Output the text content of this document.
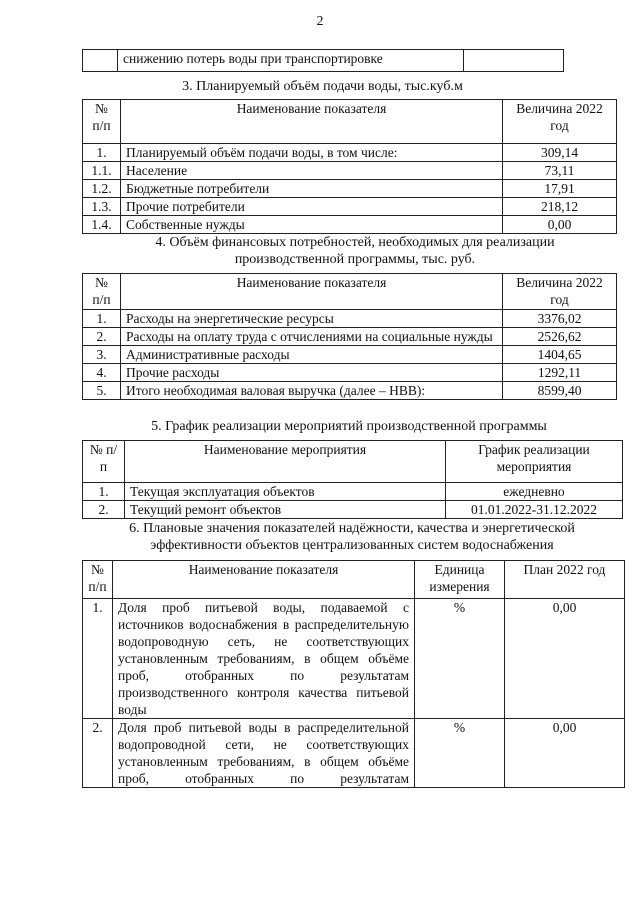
2
	снижению потерь воды при транспортировке	
3. Планируемый объём подачи воды, тыс.куб.м
№ п/п	Наименование показателя	Величина 2022 год
1.	Планируемый объём подачи воды, в том числе:	309,14
1.1.	Население	73,11
1.2.	Бюджетные потребители	17,91
1.3.	Прочие потребители	218,12
1.4.	Собственные нужды	0,00
4. Объём финансовых потребностей, необходимых для реализации производственной программы, тыс. руб.
№ п/п	Наименование показателя	Величина 2022 год
1.	Расходы на энергетические ресурсы	3376,02
2.	Расходы на оплату труда с отчислениями на социальные нужды	2526,62
3.	Административные расходы	1404,65
4.	Прочие расходы	1292,11
5.	Итого необходимая валовая выручка (далее – НВВ):	8599,40
5. График реализации мероприятий производственной программы
№ п/п	Наименование мероприятия	График реализации мероприятия
1.	Текущая эксплуатация объектов	ежедневно
2.	Текущий ремонт объектов	01.01.2022-31.12.2022
6. Плановые значения показателей надёжности, качества и энергетической эффективности объектов централизованных систем водоснабжения
№ п/п	Наименование показателя	Единица измерения	План 2022 год
1.	Доля проб питьевой воды, подаваемой с источников водоснабжения в распределительную водопроводную сеть, не соответствующих установленным требованиям, в общем объёме проб, отобранных по результатам производственного контроля качества питьевой воды	%	0,00
2.	Доля проб питьевой воды в распределительной водопроводной сети, не соответствующих установленным требованиям, в общем объёме проб, отобранных по результатам	%	0,00
